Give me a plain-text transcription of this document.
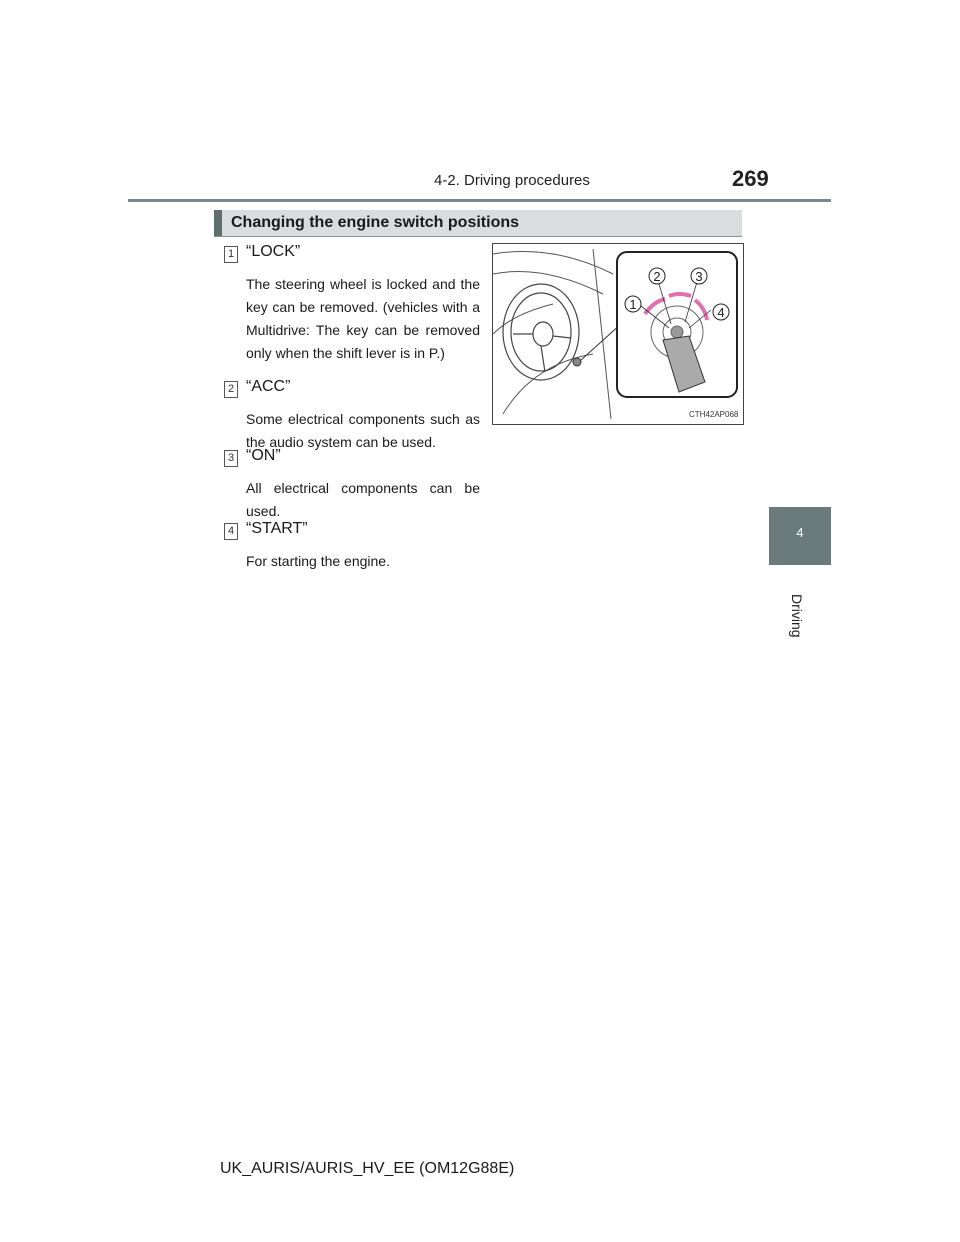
4-2. Driving procedures	269
4
Driving
Changing the engine switch positions
1 “LOCK”
The steering wheel is locked and the key can be removed. (vehicles with a Multidrive: The key can be removed only when the shift lever is in P.)
2 “ACC”
Some electrical components such as the audio system can be used.
3 “ON”
All electrical components can be used.
4 “START”
For starting the engine.
1
2	3
4
CTH42AP068
UK_AURIS/AURIS_HV_EE (OM12G88E)
